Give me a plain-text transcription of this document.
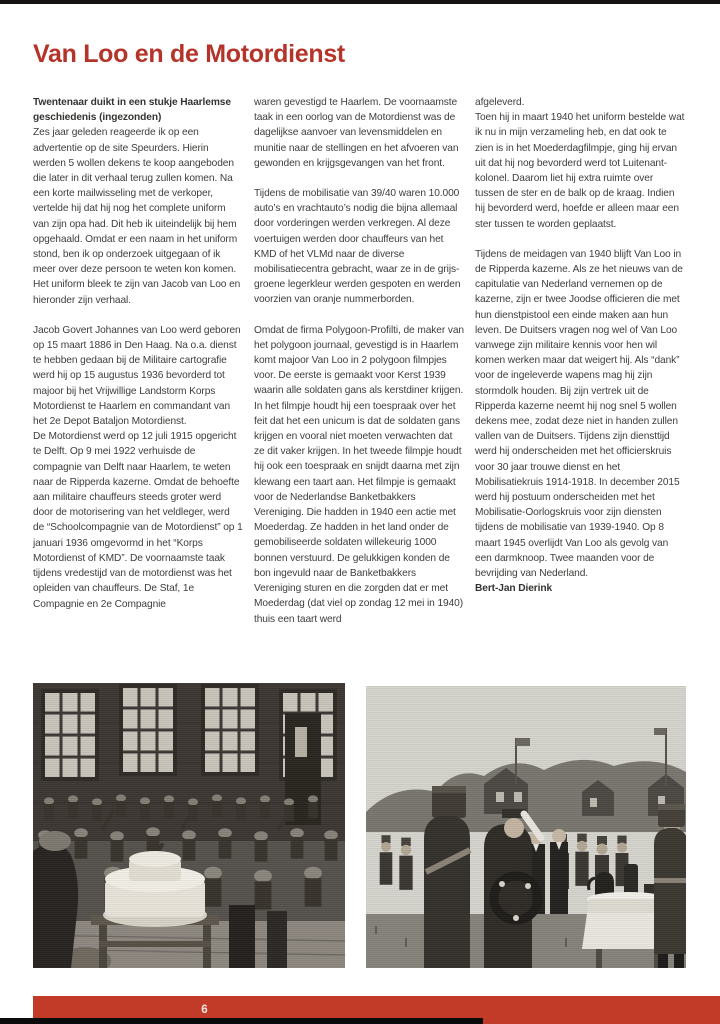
Van Loo en de Motordienst
Twentenaar duikt in een stukje Haarlemse geschiedenis (ingezonden)

Zes jaar geleden reageerde ik op een advertentie op de site Speurders. Hierin werden 5 wollen dekens te koop aangeboden die later in dit verhaal terug zullen komen. Na een korte mailwisseling met de verkoper, vertelde hij dat hij nog het complete uniform van zijn opa had. Dit heb ik uiteindelijk bij hem opgehaald. Omdat er een naam in het uniform stond, ben ik op onderzoek uitgegaan of ik meer over deze persoon te weten kon komen. Het uniform bleek te zijn van Jacob van Loo en hieronder zijn verhaal.

Jacob Govert Johannes van Loo werd geboren op 15 maart 1886 in Den Haag. Na o.a. dienst te hebben gedaan bij de Militaire cartografie werd hij op 15 augustus 1936 bevorderd tot majoor bij het Vrijwillige Landstorm Korps Motordienst te Haarlem en commandant van het 2e Depot Bataljon Motordienst.

De Motordienst werd op 12 juli 1915 opgericht te Delft. Op 9 mei 1922 verhuisde de compagnie van Delft naar Haarlem, te weten naar de Ripperda kazerne. Omdat de behoefte aan militaire chauffeurs steeds groter werd door de motorisering van het veldleger, werd de “Schoolcompagnie van de Motordienst” op 1 januari 1936 omgevormd in het “Korps Motordienst of KMD”. De voornaamste taak tijdens vredestijd van de motordienst was het opleiden van chauffeurs. De Staf, 1e Compagnie en 2e Compagnie

waren gevestigd te Haarlem. De voornaamste taak in een oorlog van de Motordienst was de dagelijkse aanvoer van levensmiddelen en munitie naar de stellingen en het afvoeren van gewonden en krijgsgevangen van het front.

Tijdens de mobilisatie van 39/40 waren 10.000 auto’s en vrachtauto’s nodig die bijna allemaal door vorderingen werden verkregen. Al deze voertuigen werden door chauffeurs van het KMD of het VLMd naar de diverse mobilisatiecentra gebracht, waar ze in de grijs-groene legerkleur werden gespoten en werden voorzien van oranje nummerborden.

Omdat de firma Polygoon-Profilti, de maker van het polygoon journaal, gevestigd is in Haarlem komt majoor Van Loo in 2 polygoon filmpjes voor. De eerste is gemaakt voor Kerst 1939 waarin alle soldaten gans als kerstdiner krijgen. In het filmpje houdt hij een toespraak over het feit dat het een unicum is dat de soldaten gans krijgen en vooral niet moeten verwachten dat ze dit vaker krijgen. In het tweede filmpje houdt hij ook een toespraak en snijdt daarna met zijn klewang een taart aan. Het filmpje is gemaakt voor de Nederlandse Banketbakkers Vereniging. Die hadden in 1940 een actie met Moederdag. Ze hadden in het land onder de gemobiliseerde soldaten willekeurig 1000 bonnen verstuurd. De gelukkigen konden de bon ingevuld naar de Banketbakkers Vereniging sturen en die zorgden dat er met Moederdag (dat viel op zondag 12 mei in 1940) thuis een taart werd

afgeleverd.

Toen hij in maart 1940 het uniform bestelde wat ik nu in mijn verzameling heb, en dat ook te zien is in het Moederdagfilmpje, ging hij ervan uit dat hij nog bevorderd werd tot Luitenant-kolonel. Daarom liet hij extra ruimte over tussen de ster en de balk op de kraag. Indien hij bevorderd werd, hoefde er alleen maar een ster tussen te worden geplaatst.

Tijdens de meidagen van 1940 blijft Van Loo in de Ripperda kazerne. Als ze het nieuws van de capitulatie van Nederland vernemen op de kazerne, zijn er twee Joodse officieren die met hun dienstpistool een einde maken aan hun leven. De Duitsers vragen nog wel of Van Loo vanwege zijn militaire kennis voor hen wil komen werken maar dat weigert hij. Als “dank” voor de ingeleverde wapens mag hij zijn stormdolk houden. Bij zijn vertrek uit de Ripperda kazerne neemt hij nog snel 5 wollen dekens mee, zodat deze niet in handen zullen vallen van de Duitsers. Tijdens zijn diensttijd werd hij onderscheiden met het officierskruis voor 30 jaar trouwe dienst en het Mobilisatiekruis 1914-1918. In december 2015 werd hij postuum onderscheiden met het Mobilisatie-Oorlogskruis voor zijn diensten tijdens de mobilisatie van 1939-1940. Op 8 maart 1945 overlijdt Van Loo als gevolg van een darmknoop. Twee maanden voor de bevrijding van Nederland.

Bert-Jan Dierink

6
